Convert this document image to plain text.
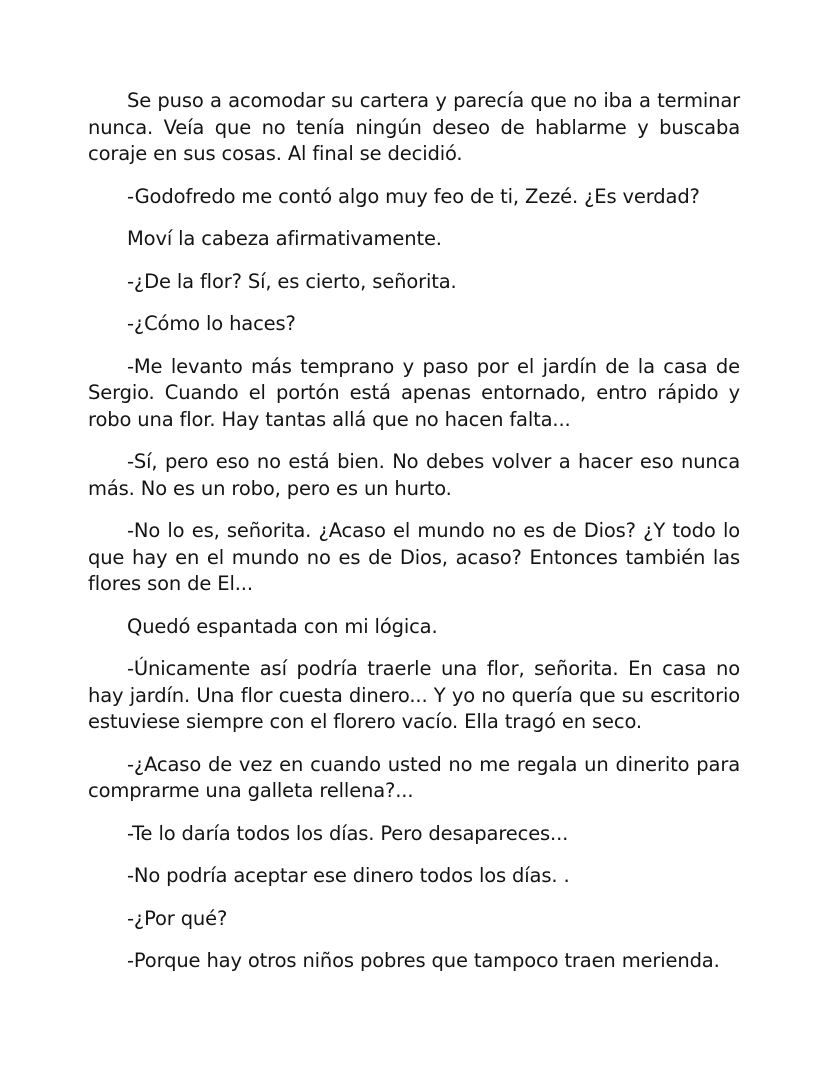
Se puso a acomodar su cartera y parecía que no iba a terminar nunca. Veía que no tenía ningún deseo de hablarme y buscaba coraje en sus cosas. Al final se decidió.

-Godofredo me contó algo muy feo de ti, Zezé. ¿Es verdad?

Moví la cabeza afirmativamente.

-¿De la flor? Sí, es cierto, señorita.

-¿Cómo lo haces?

-Me levanto más temprano y paso por el jardín de la casa de Sergio. Cuando el portón está apenas entornado, entro rápido y robo una flor. Hay tantas allá que no hacen falta...

-Sí, pero eso no está bien. No debes volver a hacer eso nunca más. No es un robo, pero es un hurto.

-No lo es, señorita. ¿Acaso el mundo no es de Dios? ¿Y todo lo que hay en el mundo no es de Dios, acaso? Entonces también las flores son de El...

Quedó espantada con mi lógica.

-Únicamente así podría traerle una flor, señorita. En casa no hay jardín. Una flor cuesta dinero... Y yo no quería que su escritorio estuviese siempre con el florero vacío. Ella tragó en seco.

-¿Acaso de vez en cuando usted no me regala un dinerito para comprarme una galleta rellena?...

-Te lo daría todos los días. Pero desapareces...

-No podría aceptar ese dinero todos los días. .

-¿Por qué?

-Porque hay otros niños pobres que tampoco traen merienda.
